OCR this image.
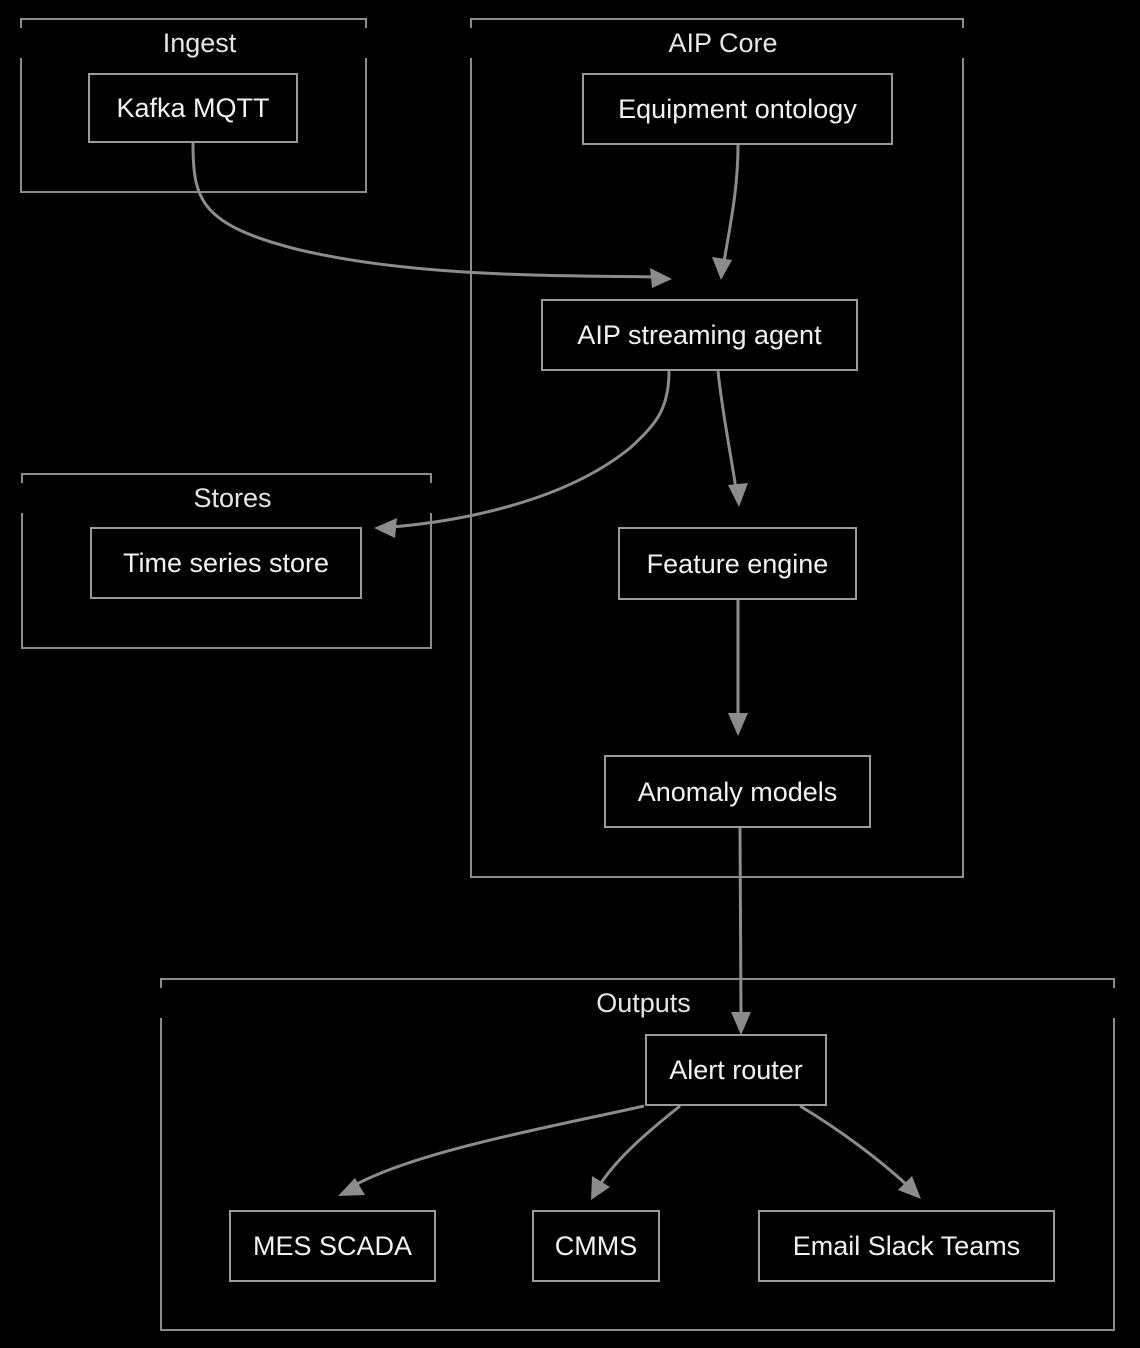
Ingest	AIP Core
Stores
Outputs
Kafka MQTT	Equipment ontology
AIP streaming agent
Time series store	Feature engine
Anomaly models
Alert router
MES SCADA	CMMS	Email Slack Teams
